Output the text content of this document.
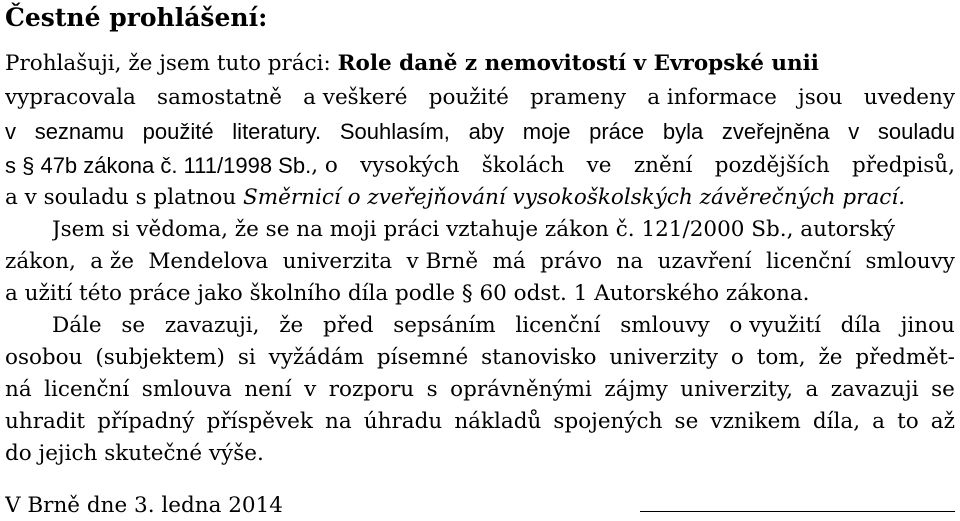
Čestné prohlášení:

Prohlašuji, že jsem tuto práci: Role daně z nemovitostí v Evropské unii

vypracovala samostatně a veškeré použité prameny a informace jsou uvedeny

v seznamu použité literatury. Souhlasím, aby moje práce byla zveřejněna v souladu

s § 47b zákona č. 111/1998 Sb. , o vysokých školách ve znění pozdějších předpisů,

a v souladu s platnou Směrnicí o zveřejňování vysokoškolských závěrečných prací.

Jsem si vědoma, že se na moji práci vztahuje zákon č. 121/2000 Sb., autorský

zákon, a že Mendelova univerzita v Brně má právo na uzavření licenční smlouvy

a užití této práce jako školního díla podle § 60 odst. 1 Autorského zákona.

Dále se zavazuji, že před sepsáním licenční smlouvy o využití díla jinou

osobou (subjektem) si vyžádám písemné stanovisko univerzity o tom, že předmět-

ná licenční smlouva není v rozporu s oprávněnými zájmy univerzity, a zavazuji se

uhradit případný příspěvek na úhradu nákladů spojených se vznikem díla, a to až

do jejich skutečné výše.

V Brně dne 3. ledna 2014
